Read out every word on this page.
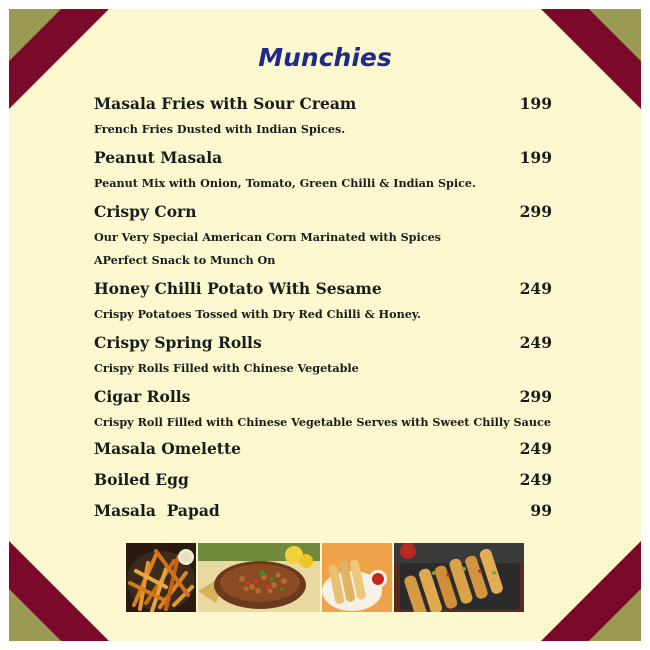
Munchies
Masala Fries with Sour Cream	199
French Fries Dusted with Indian Spices.
Peanut Masala	199
Peanut Mix with Onion, Tomato, Green Chilli & Indian Spice.
Crispy Corn	299
Our Very Special American Corn Marinated with Spices
APerfect Snack to Munch On
Honey Chilli Potato With Sesame	249
Crispy Potatoes Tossed with Dry Red Chilli & Honey.
Crispy Spring Rolls	249
Crispy Rolls Filled with Chinese Vegetable
Cigar Rolls	299
Crispy Roll Filled with Chinese Vegetable Serves with Sweet Chilly Sauce
Masala Omelette	249
Boiled Egg	249
Masala  Papad	99
